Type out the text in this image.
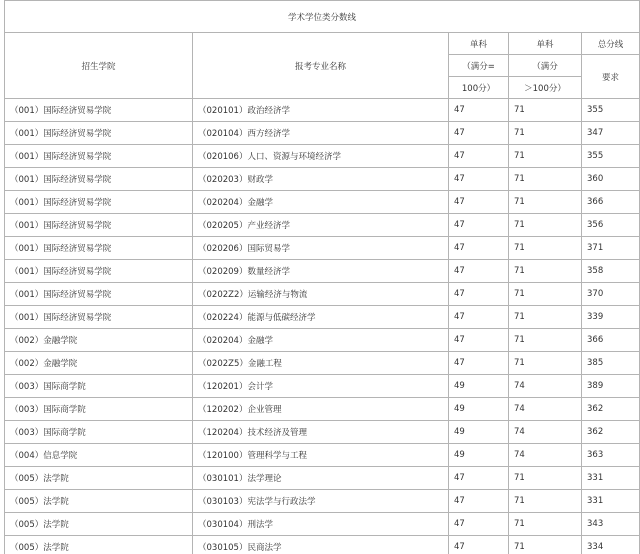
学术学位类分数线				
招生学院	报考专业名称	单科	单科	总分线
		（满分=	（满分	要求
		100分）	＞100分）	
（001）国际经济贸易学院	（020101）政治经济学	47	71	355
（001）国际经济贸易学院	（020104）西方经济学	47	71	347
（001）国际经济贸易学院	（020106）人口、资源与环境经济学	47	71	355
（001）国际经济贸易学院	（020203）财政学	47	71	360
（001）国际经济贸易学院	（020204）金融学	47	71	366
（001）国际经济贸易学院	（020205）产业经济学	47	71	356
（001）国际经济贸易学院	（020206）国际贸易学	47	71	371
（001）国际经济贸易学院	（020209）数量经济学	47	71	358
（001）国际经济贸易学院	（0202Z2）运输经济与物流	47	71	370
（001）国际经济贸易学院	（020224）能源与低碳经济学	47	71	339
（002）金融学院	（020204）金融学	47	71	366
（002）金融学院	（0202Z5）金融工程	47	71	385
（003）国际商学院	（120201）会计学	49	74	389
（003）国际商学院	（120202）企业管理	49	74	362
（003）国际商学院	（120204）技术经济及管理	49	74	362
（004）信息学院	（120100）管理科学与工程	49	74	363
（005）法学院	（030101）法学理论	47	71	331
（005）法学院	（030103）宪法学与行政法学	47	71	331
（005）法学院	（030104）刑法学	47	71	343
（005）法学院	（030105）民商法学	47	71	334
